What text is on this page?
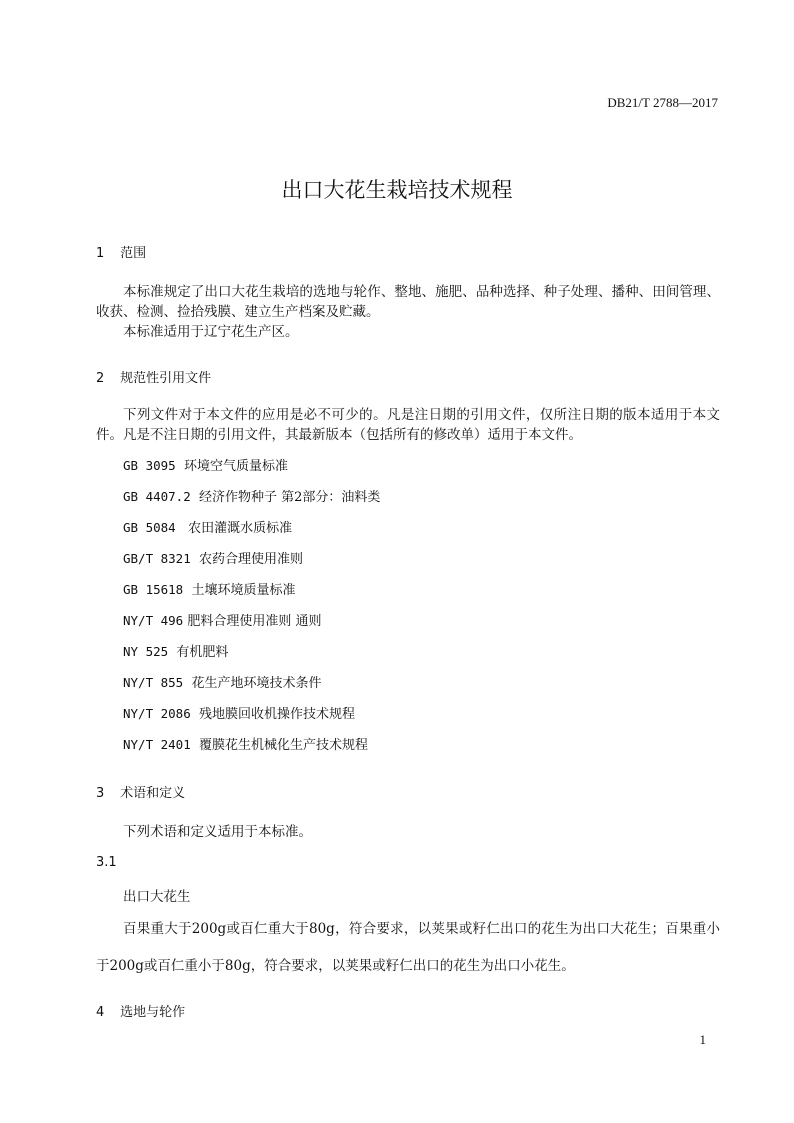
DB21/T 2788—2017
出口大花生栽培技术规程
1 范围
本标准规定了出口大花生栽培的选地与轮作、整地、施肥、品种选择、种子处理、播种、田间管理、收获、检测、捡拾残膜、建立生产档案及贮藏。
本标准适用于辽宁花生产区。
2 规范性引用文件
下列文件对于本文件的应用是必不可少的。凡是注日期的引用文件，仅所注日期的版本适用于本文件。凡是不注日期的引用文件，其最新版本（包括所有的修改单）适用于本文件。
GB 3095 环境空气质量标准
GB 4407.2 经济作物种子 第2部分：油料类
GB 5084 农田灌溉水质标准
GB/T 8321 农药合理使用准则
GB 15618 土壤环境质量标准
NY/T 496 肥料合理使用准则 通则
NY 525 有机肥料
NY/T 855 花生产地环境技术条件
NY/T 2086 残地膜回收机操作技术规程
NY/T 2401 覆膜花生机械化生产技术规程
3 术语和定义
下列术语和定义适用于本标准。
3.1
出口大花生
百果重大于200g或百仁重大于80g，符合要求，以荚果或籽仁出口的花生为出口大花生；百果重小于200g或百仁重小于80g，符合要求，以荚果或籽仁出口的花生为出口小花生。
4 选地与轮作
1
